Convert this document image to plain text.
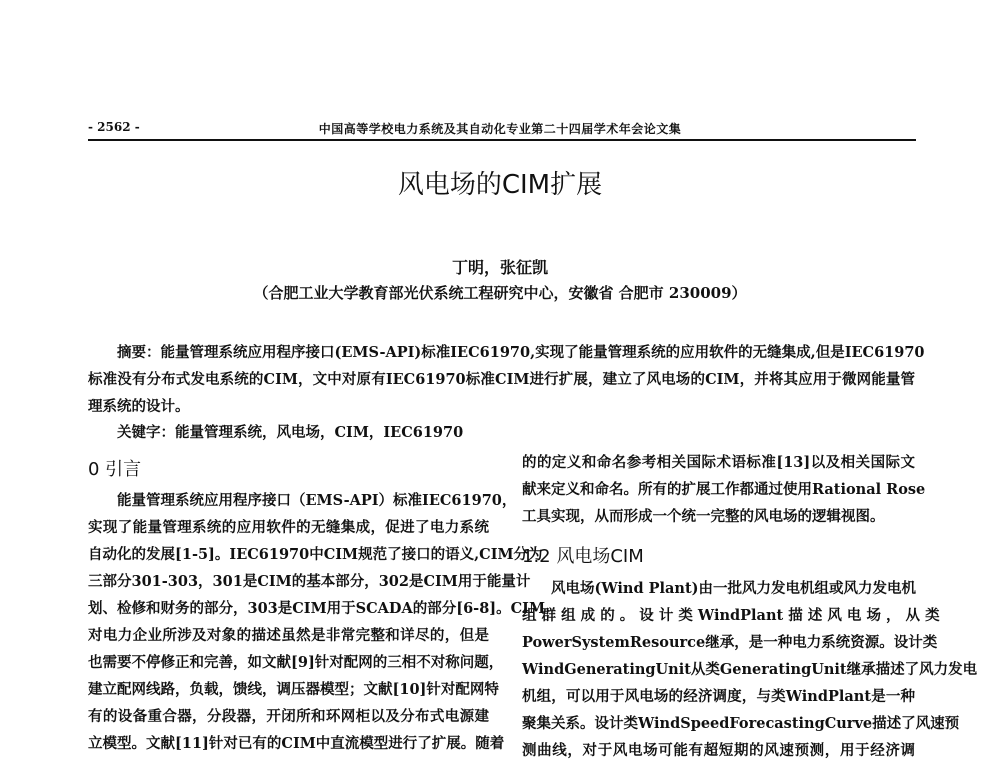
- 2562 -	中国高等学校电力系统及其自动化专业第二十四届学术年会论文集
风电场的CIM扩展
丁明，张征凯
（合肥工业大学教育部光伏系统工程研究中心，安徽省 合肥市 230009）
摘要：能量管理系统应用程序接口(EMS-API)标准IEC61970,实现了能量管理系统的应用软件的无缝集成,但是IEC61970
标准没有分布式发电系统的CIM，文中对原有IEC61970标准CIM进行扩展，建立了风电场的CIM，并将其应用于微网能量管
理系统的设计。
关键字：能量管理系统，风电场，CIM，IEC61970
0 引言
能量管理系统应用程序接口（EMS-API）标准IEC61970，
实现了能量管理系统的应用软件的无缝集成，促进了电力系统
自动化的发展[1-5]。IEC61970中CIM规范了接口的语义,CIM分为
三部分301-303，301是CIM的基本部分，302是CIM用于能量计
划、检修和财务的部分，303是CIM用于SCADA的部分[6-8]。CIM
对电力企业所涉及对象的描述虽然是非常完整和详尽的，但是
也需要不停修正和完善，如文献[9]针对配网的三相不对称问题，
建立配网线路，负载，馈线，调压器模型；文献[10]针对配网特
有的设备重合器，分段器，开闭所和环网柜以及分布式电源建
立模型。文献[11]针对已有的CIM中直流模型进行了扩展。随着
的的定义和命名参考相关国际术语标准[13]以及相关国际文
献来定义和命名。所有的扩展工作都通过使用Rational Rose
工具实现，从而形成一个统一完整的风电场的逻辑视图。
风电场(Wind Plant)由一批风力发电机组或风力发电机
组 群 组 成 的 。 设 计 类 WindPlant 描 述 风 电 场 ， 从 类
PowerSystemResource继承，是一种电力系统资源。设计类
WindGeneratingUnit从类GeneratingUnit继承描述了风力发电
机组，可以用于风电场的经济调度，与类WindPlant是一种
聚集关系。设计类WindSpeedForecastingCurve描述了风速预
测曲线，对于风电场可能有超短期的风速预测，用于经济调
1.2 风电场CIM
